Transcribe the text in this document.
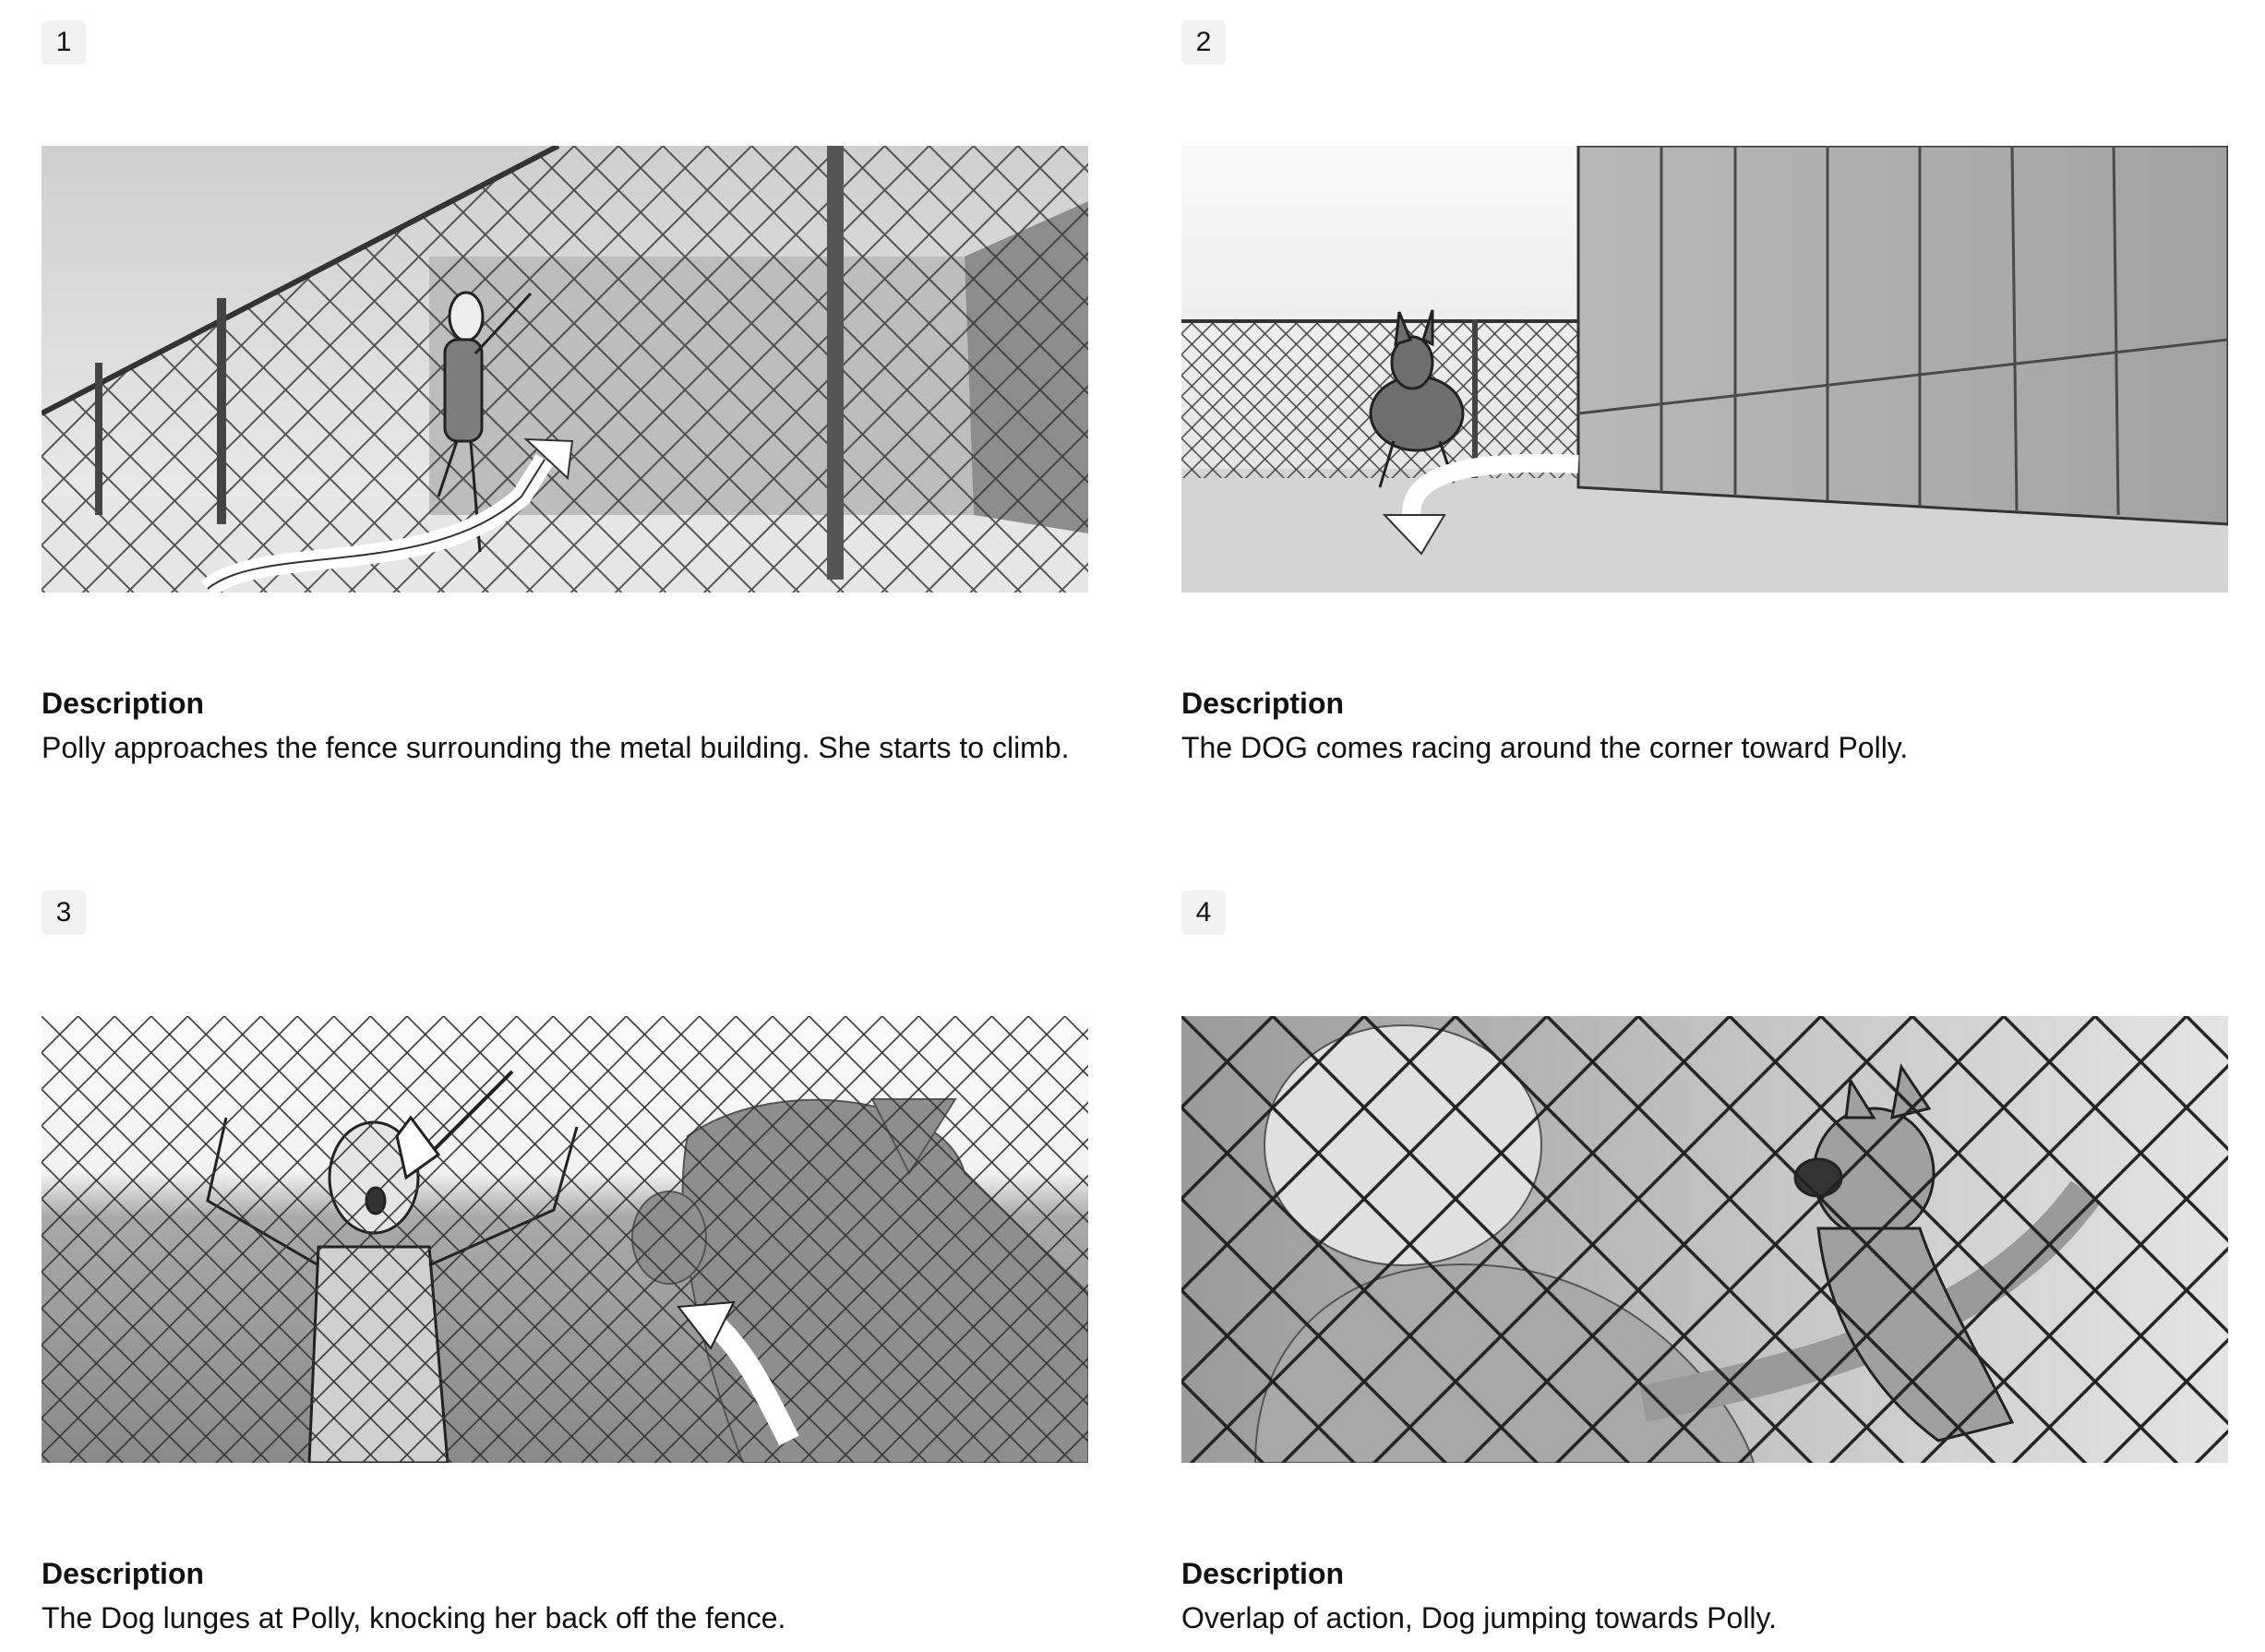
1
Description
Polly approaches the fence surrounding the metal building. She starts to climb.
2
Description
The DOG comes racing around the corner toward Polly.
3
Description
The Dog lunges at Polly, knocking her back off the fence.
4
Description
Overlap of action, Dog jumping towards Polly.
